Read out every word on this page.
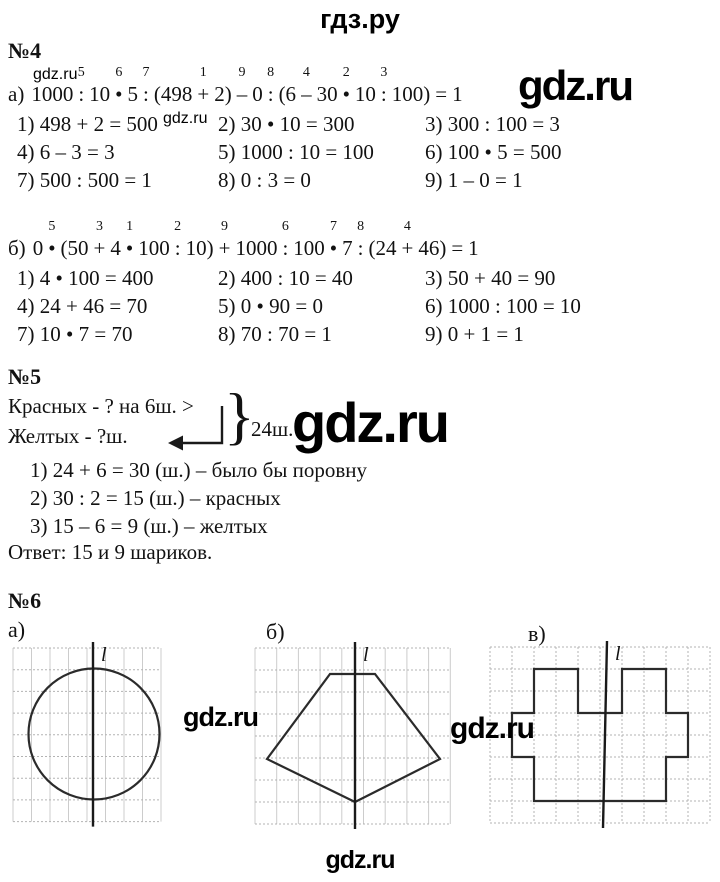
гдз.ру
№4
а) 1000 :
5
10 •
6
5 :
7
(498 +
1
2) –
9
0 :
8
(6 –
4
30 •
2
10 :
3
100) = 1
1) 498 + 2 = 500	2) 30 • 10 = 300	3) 300 : 100 = 3
4) 6 – 3 = 3	5) 1000 : 10 = 100	6) 100 • 5 = 500
7) 500 : 500 = 1	8) 0 : 3 = 0	9) 1 – 0 = 1
б) 0 •
5
(50 +
3
4 •
1
100 :
2
10) +
9
1000 :
6
100 •
7
7 :
8
(24 +
4
46) = 1
1) 4 • 100 = 400	2) 400 : 10 = 40	3) 50 + 40 = 90
4) 24 + 46 = 70	5) 0 • 90 = 0	6) 1000 : 100 = 10
7) 10 • 7 = 70	8) 70 : 70 = 1	9) 0 + 1 = 1
№5
Красных - ? на 6ш. >
Желтых - ?ш. }
24ш.
1) 24 + 6 = 30 (ш.) – было бы поровну
2) 30 : 2 = 15 (ш.) – красных
3) 15 – 6 = 9 (ш.) – желтых
Ответ: 15 и 9 шариков.
№6
а)
l
б)
l
в)
l
gdz.ru
gdz.ru
gdz.ru
gdz.ru
gdz.ru	gdz.ru
gdz.ru
